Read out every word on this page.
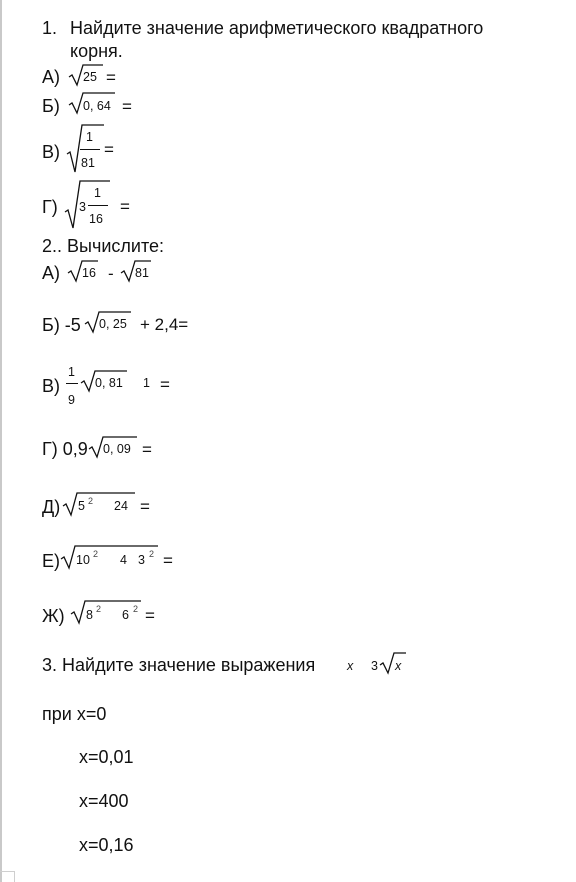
1. Найдите значение арифметического квадратного
корня.
А) 25 =
Б) 0, 64 =
В)
1
81
=
Г) 3
1
16
=
2.. Вычислите:
А) 16 - 81
Б) -5 0, 25 + 2,4=
В)
1
9
0, 81 1 =
Г) 0,9 0, 09 =
Д) 5 2 24 =
Е) 10 2 4 3 2 =
Ж) 8 2 6 2 =
3. Найдите значение выражения	x 3 x
при x=0
x=0,01
x=400
x=0,16
